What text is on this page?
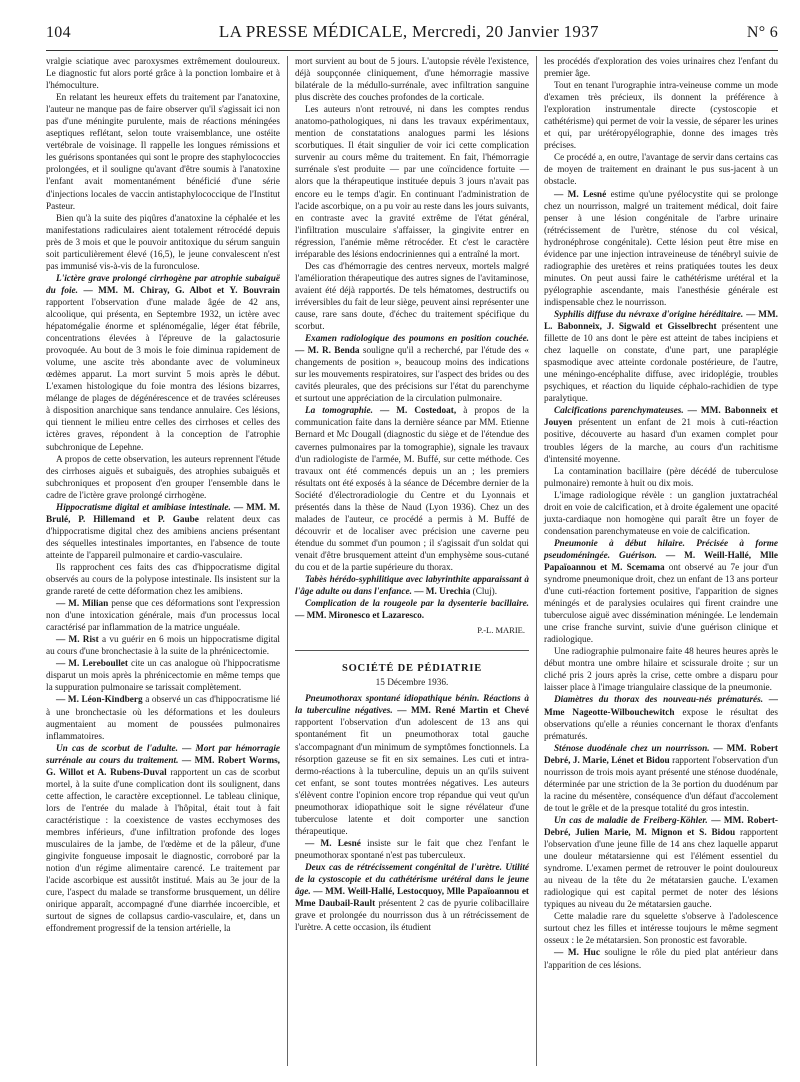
104	LA PRESSE MÉDICALE, Mercredi, 20 Janvier 1937	N° 6

vralgie sciatique avec paroxysmes extrêmement douloureux. Le diagnostic fut alors porté grâce à la ponction lombaire et à l'hémoculture.

En relatant les heureux effets du traitement par l'anatoxine, l'auteur ne manque pas de faire observer qu'il s'agissait ici non pas d'une méningite purulente, mais de réactions méningées aseptiques reflétant, selon toute vraisemblance, une ostéite vertébrale de voisinage. Il rappelle les longues rémissions et les guérisons spontanées qui sont le propre des staphylococcies prolongées, et il souligne qu'avant d'être soumis à l'anatoxine l'enfant avait momentanément bénéficié d'une série d'injections locales de vaccin antistaphylococcique de l'Institut Pasteur.

Bien qu'à la suite des piqûres d'anatoxine la céphalée et les manifestations radiculaires aient totalement rétrocédé depuis près de 3 mois et que le pouvoir antitoxique du sérum sanguin soit particulièrement élevé (16,5), le jeune convalescent n'est pas immunisé vis-à-vis de la furonculose.

L'ictère grave prolongé cirrhogène par atrophie subaiguë du foie. — MM. M. Chiray, G. Albot et Y. Bouvrain rapportent l'observation d'une malade âgée de 42 ans, alcoolique, qui présenta, en Septembre 1932, un ictère avec hépatomégalie énorme et splénomégalie, léger état fébrile, concentrations élevées à l'épreuve de la galactosurie provoquée. Au bout de 3 mois le foie diminua rapidement de volume, une ascite très abondante avec de volumineux œdèmes apparut. La mort survint 5 mois après le début. L'examen histologique du foie montra des lésions bizarres, mélange de plages de dégénérescence et de travées scléreuses à disposition anarchique sans tendance annulaire. Ces lésions, qui tiennent le milieu entre celles des cirrhoses et celles des ictères graves, répondent à la conception de l'atrophie subchronique de Lepehne.

A propos de cette observation, les auteurs reprennent l'étude des cirrhoses aiguës et subaiguës, des atrophies subaiguës et subchroniques et proposent d'en grouper l'ensemble dans le cadre de l'ictère grave prolongé cirrhogène.

Hippocratisme digital et amibiase intestinale. — MM. M. Brulé, P. Hillemand et P. Gaube relatent deux cas d'hippocratisme digital chez des amibiens anciens présentant des séquelles intestinales importantes, en l'absence de toute atteinte de l'appareil pulmonaire et cardio-vasculaire.

Ils rapprochent ces faits des cas d'hippocratisme digital observés au cours de la polypose intestinale. Ils insistent sur la grande rareté de cette déformation chez les amibiens.

— M. Milian pense que ces déformations sont l'expression non d'une intoxication générale, mais d'un processus local caractérisé par inflammation de la matrice unguéale.

— M. Rist a vu guérir en 6 mois un hippocratisme digital au cours d'une bronchectasie à la suite de la phrénicectomie.

— M. Lereboullet cite un cas analogue où l'hippocratisme disparut un mois après la phrénicectomie en même temps que la suppuration pulmonaire se tarissait complètement.

— M. Léon-Kindberg a observé un cas d'hippocratisme lié à une bronchectasie où les déformations et les douleurs augmentaient au moment de poussées pulmonaires inflammatoires.

Un cas de scorbut de l'adulte. — Mort par hémorragie surrénale au cours du traitement. — MM. Robert Worms, G. Willot et A. Rubens-Duval rapportent un cas de scorbut mortel, à la suite d'une complication dont ils soulignent, dans cette affection, le caractère exceptionnel. Le tableau clinique, lors de l'entrée du malade à l'hôpital, était tout à fait caractéristique : la coexistence de vastes ecchymoses des membres inférieurs, d'une infiltration profonde des loges musculaires de la jambe, de l'œdème et de la pâleur, d'une gingivite fongueuse imposait le diagnostic, corroboré par la notion d'un régime alimentaire carencé. Le traitement par l'acide ascorbique est aussitôt institué. Mais au 3e jour de la cure, l'aspect du malade se transforme brusquement, un délire onirique apparaît, accompagné d'une diarrhée incoercible, et surtout de signes de collapsus cardio-vasculaire, et, dans un effondrement progressif de la tension artérielle, la

mort survient au bout de 5 jours. L'autopsie révèle l'existence, déjà soupçonnée cliniquement, d'une hémorragie massive bilatérale de la médullo-surrénale, avec infiltration sanguine plus discrète des couches profondes de la corticale.

Les auteurs n'ont retrouvé, ni dans les comptes rendus anatomo-pathologiques, ni dans les travaux expérimentaux, mention de constatations analogues parmi les lésions scorbutiques. Il était singulier de voir ici cette complication survenir au cours même du traitement. En fait, l'hémorragie surrénale s'est produite — par une coïncidence fortuite — alors que la thérapeutique instituée depuis 3 jours n'avait pas encore eu le temps d'agir. En continuant l'administration de l'acide ascorbique, on a pu voir au reste dans les jours suivants, en contraste avec la gravité extrême de l'état général, l'infiltration musculaire s'affaisser, la gingivite entrer en régression, l'anémie même rétrocéder. Et c'est le caractère irréparable des lésions endocriniennes qui a entraîné la mort.

Des cas d'hémorragie des centres nerveux, mortels malgré l'amélioration thérapeutique des autres signes de l'avitaminose, avaient été déjà rapportés. De tels hématomes, destructifs ou irréversibles du fait de leur siège, peuvent ainsi représenter une cause, rare sans doute, d'échec du traitement spécifique du scorbut.

Examen radiologique des poumons en position couchée. — M. R. Benda souligne qu'il a recherché, par l'étude des « changements de position », beaucoup moins des indications sur les mouvements respiratoires, sur l'aspect des brides ou des cavités pleurales, que des précisions sur l'état du parenchyme et surtout une appréciation de la circulation pulmonaire.

La tomographie. — M. Costedoat, à propos de la communication faite dans la dernière séance par MM. Etienne Bernard et Mc Dougall (diagnostic du siège et de l'étendue des cavernes pulmonaires par la tomographie), signale les travaux d'un radiologiste de l'armée, M. Buffé, sur cette méthode. Ces travaux ont été commencés depuis un an ; les premiers résultats ont été exposés à la séance de Décembre dernier de la Société d'électroradiologie du Centre et du Lyonnais et présentés dans la thèse de Naud (Lyon 1936). Chez un des malades de l'auteur, ce procédé a permis à M. Buffé de découvrir et de localiser avec précision une caverne peu étendue du sommet d'un poumon ; il s'agissait d'un soldat qui venait d'être brusquement atteint d'un emphysème sous-cutané du cou et de la partie supérieure du thorax.

Tabès hérédo-syphilitique avec labyrinthite apparaissant à l'âge adulte ou dans l'enfance. — M. Urechia (Cluj).

Complication de la rougeole par la dysenterie bacillaire. — MM. Mironesco et Lazaresco.

P.-L. MARIE.
SOCIÉTÉ DE PÉDIATRIE
15 Décembre 1936.

Pneumothorax spontané idiopathique bénin. Réactions à la tuberculine négatives. — MM. René Martin et Chevé rapportent l'observation d'un adolescent de 13 ans qui spontanément fit un pneumothorax total gauche s'accompagnant d'un minimum de symptômes fonctionnels. La résorption gazeuse se fit en six semaines. Les cuti et intra-dermo-réactions à la tuberculine, depuis un an qu'ils suivent cet enfant, se sont toutes montrées négatives. Les auteurs s'élèvent contre l'opinion encore trop répandue qui veut qu'un pneumothorax idiopathique soit le signe révélateur d'une tuberculose latente et doit comporter une sanction thérapeutique.

— M. Lesné insiste sur le fait que chez l'enfant le pneumothorax spontané n'est pas tuberculeux.

Deux cas de rétrécissement congénital de l'urètre. Utilité de la cystoscopie et du cathétérisme urétéral dans le jeune âge. — MM. Weill-Hallé, Lestocquoy, Mlle Papaïoannou et Mme Daubail-Rault présentent 2 cas de pyurie colibacillaire grave et prolongée du nourrisson dus à un rétrécissement de l'urètre. A cette occasion, ils étudient

les procédés d'exploration des voies urinaires chez l'enfant du premier âge.

Tout en tenant l'urographie intra-veineuse comme un mode d'examen très précieux, ils donnent la préférence à l'exploration instrumentale directe (cystoscopie et cathétérisme) qui permet de voir la vessie, de séparer les urines et qui, par urétéropyélographie, donne des images très précises.

Ce procédé a, en outre, l'avantage de servir dans certains cas de moyen de traitement en drainant le pus sus-jacent à un obstacle.

— M. Lesné estime qu'une pyélocystite qui se prolonge chez un nourrisson, malgré un traitement médical, doit faire penser à une lésion congénitale de l'arbre urinaire (rétrécissement de l'urètre, sténose du col vésical, hydronéphrose congénitale). Cette lésion peut être mise en évidence par une injection intraveineuse de ténébryl suivie de radiographie des uretères et reins pratiquées toutes les deux minutes. On peut aussi faire le cathétérisme urétéral et la pyélographie ascendante, mais l'anesthésie générale est indispensable chez le nourrisson.

Syphilis diffuse du névraxe d'origine héréditaire. — MM. L. Babonneix, J. Sigwald et Gisselbrecht présentent une fillette de 10 ans dont le père est atteint de tabes incipiens et chez laquelle on constate, d'une part, une paraplégie spasmodique avec atteinte cordonale postérieure, de l'autre, une méningo-encéphalite diffuse, avec iridoplégie, troubles psychiques, et réaction du liquide céphalo-rachidien de type paralytique.

Calcifications parenchymateuses. — MM. Babonneix et Jouyen présentent un enfant de 21 mois à cuti-réaction positive, découverte au hasard d'un examen complet pour troubles légers de la marche, au cours d'un rachitisme d'intensité moyenne.

La contamination bacillaire (père décédé de tuberculose pulmonaire) remonte à huit ou dix mois.

L'image radiologique révèle : un ganglion juxtatrachéal droit en voie de calcification, et à droite également une opacité juxta-cardiaque non homogène qui paraît être un foyer de condensation parenchymateuse en voie de calcification.

Pneumonie à début hilaire. Précisée à forme pseudoméningée. Guérison. — M. Weill-Hallé, Mlle Papaïoannou et M. Scemama ont observé au 7e jour d'un syndrome pneumonique droit, chez un enfant de 13 ans porteur d'une cuti-réaction fortement positive, l'apparition de signes méningés et de paralysies oculaires qui firent craindre une tuberculose aiguë avec dissémination méningée. Le lendemain une crise franche survint, suivie d'une guérison clinique et radiologique.

Une radiographie pulmonaire faite 48 heures heures après le début montra une ombre hilaire et scissurale droite ; sur un cliché pris 2 jours après la crise, cette ombre a disparu pour laisser place à l'image triangulaire classique de la pneumonie.

Diamètres du thorax des nouveau-nés prématurés. — Mme Nageotte-Wilbouchewitch expose le résultat des observations qu'elle a réunies concernant le thorax d'enfants prématurés.

Sténose duodénale chez un nourrisson. — MM. Robert Debré, J. Marie, Lénet et Bidou rapportent l'observation d'un nourrisson de trois mois ayant présenté une sténose duodénale, déterminée par une striction de la 3e portion du duodénum par la racine du mésentère, conséquence d'un défaut d'accolement de tout le grêle et de la presque totalité du gros intestin.

Un cas de maladie de Freiberg-Köhler. — MM. Robert-Debré, Julien Marie, M. Mignon et S. Bidou rapportent l'observation d'une jeune fille de 14 ans chez laquelle apparut une douleur métatarsienne qui est l'élément essentiel du syndrome. L'examen permet de retrouver le point douloureux au niveau de la tête du 2e métatarsien gauche. L'examen radiologique qui est capital permet de noter des lésions typiques au niveau du 2e métatarsien gauche.

Cette maladie rare du squelette s'observe à l'adolescence surtout chez les filles et intéresse toujours le même segment osseux : le 2e métatarsien. Son pronostic est favorable.

— M. Huc souligne le rôle du pied plat antérieur dans l'apparition de ces lésions.
